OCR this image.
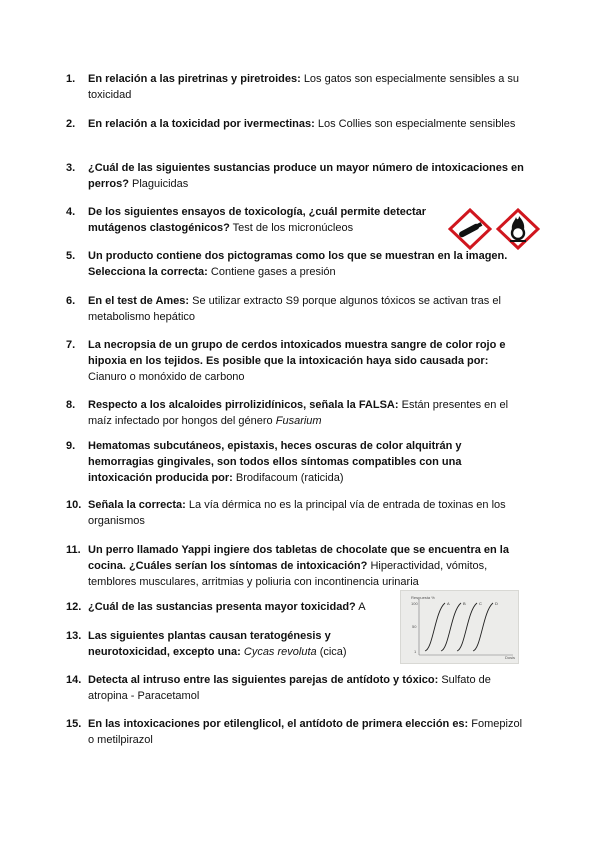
1. En relación a las piretrinas y piretroides: Los gatos son especialmente sensibles a su toxicidad
2. En relación a la toxicidad por ivermectinas: Los Collies son especialmente sensibles
3. ¿Cuál de las siguientes sustancias produce un mayor número de intoxicaciones en perros? Plaguicidas
4. De los siguientes ensayos de toxicología, ¿cuál permite detectar mutágenos clastogénicos? Test de los micronúcleos
5. Un producto contiene dos pictogramas como los que se muestran en la imagen. Selecciona la correcta: Contiene gases a presión
6. En el test de Ames: Se utilizar extracto S9 porque algunos tóxicos se activan tras el metabolismo hepático
7. La necropsia de un grupo de cerdos intoxicados muestra sangre de color rojo e hipoxia en los tejidos. Es posible que la intoxicación haya sido causada por: Cianuro o monóxido de carbono
8. Respecto a los alcaloides pirrolizidínicos, señala la FALSA: Están presentes en el maíz infectado por hongos del género Fusarium
9. Hematomas subcutáneos, epistaxis, heces oscuras de color alquitrán y hemorragias gingivales, son todos ellos síntomas compatibles con una intoxicación producida por: Brodifacoum (raticida)
10. Señala la correcta: La vía dérmica no es la principal vía de entrada de toxinas en los organismos
11. Un perro llamado Yappi ingiere dos tabletas de chocolate que se encuentra en la cocina. ¿Cuáles serían los síntomas de intoxicación? Hiperactividad, vómitos, temblores musculares, arritmias y poliuria con incontinencia urinaria
12. ¿Cuál de las sustancias presenta mayor toxicidad? A
Respuesta %
Dosis
100
50
1
A	B	C	D
13. Las siguientes plantas causan teratogénesis y neurotoxicidad, excepto una: Cycas revoluta (cica)
14. Detecta al intruso entre las siguientes parejas de antídoto y tóxico: Sulfato de atropina - Paracetamol
15. En las intoxicaciones por etilenglicol, el antídoto de primera elección es: Fomepizol o metilpirazol
